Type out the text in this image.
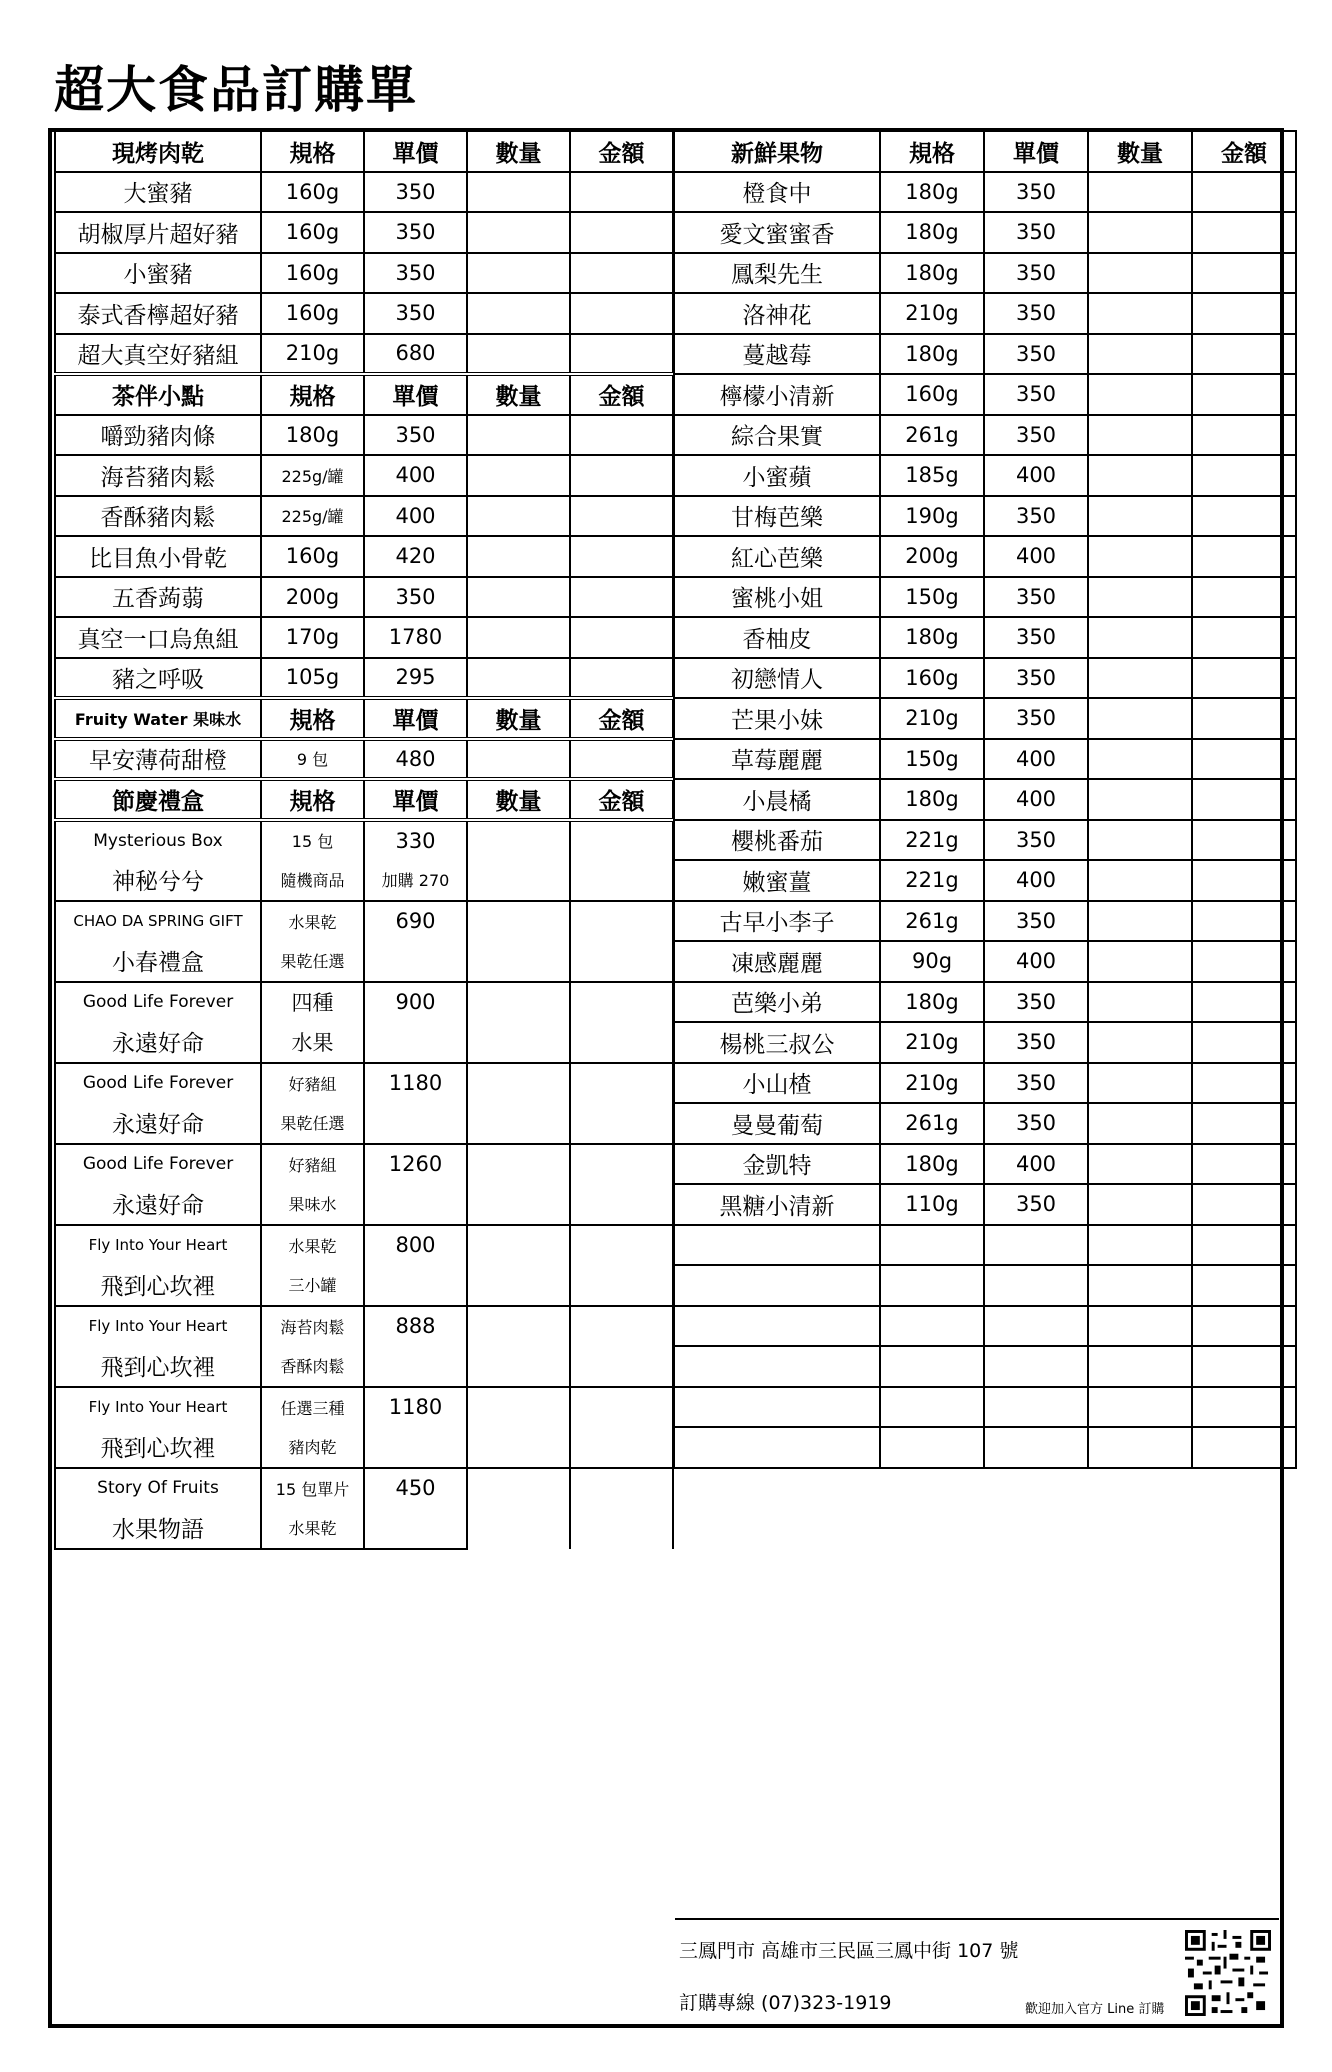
超大食品訂購單
現烤肉乾	規格	單價	數量	金額
大蜜豬	160g	350		
胡椒厚片超好豬	160g	350		
小蜜豬	160g	350		
泰式香檸超好豬	160g	350		
超大真空好豬組	210g	680		
茶伴小點	規格	單價	數量	金額
嚼勁豬肉條	180g	350		
海苔豬肉鬆	225g/罐	400		
香酥豬肉鬆	225g/罐	400		
比目魚小骨乾	160g	420		
五香蒟蒻	200g	350		
真空一口烏魚組	170g	1780		
豬之呼吸	105g	295		
Fruity Water 果味水	規格	單價	數量	金額
早安薄荷甜橙	9 包	480		
節慶禮盒	規格	單價	數量	金額
Mysterious Box	15 包	330		
神秘兮兮	隨機商品	加購 270		
CHAO DA SPRING GIFT	水果乾	690		
小春禮盒	果乾任選			
Good Life Forever	四種	900		
永遠好命	水果			
Good Life Forever	好豬組	1180		
永遠好命	果乾任選			
Good Life Forever	好豬組	1260		
永遠好命	果味水			
Fly Into Your Heart	水果乾	800		
飛到心坎裡	三小罐			
Fly Into Your Heart	海苔肉鬆	888		
飛到心坎裡	香酥肉鬆			
Fly Into Your Heart	任選三種	1180		
飛到心坎裡	豬肉乾			
Story Of Fruits	15 包單片	450		
水果物語	水果乾			
新鮮果物	規格	單價	數量	金額
橙食中	180g	350		
愛文蜜蜜香	180g	350		
鳳梨先生	180g	350		
洛神花	210g	350		
蔓越莓	180g	350		
檸檬小清新	160g	350		
綜合果實	261g	350		
小蜜蘋	185g	400		
甘梅芭樂	190g	350		
紅心芭樂	200g	400		
蜜桃小姐	150g	350		
香柚皮	180g	350		
初戀情人	160g	350		
芒果小妹	210g	350		
草莓麗麗	150g	400		
小晨橘	180g	400		
櫻桃番茄	221g	350		
嫩蜜薑	221g	400		
古早小李子	261g	350		
凍感麗麗	90g	400		
芭樂小弟	180g	350		
楊桃三叔公	210g	350		
小山楂	210g	350		
曼曼葡萄	261g	350		
金凱特	180g	400		
黑糖小清新	110g	350		

三鳳門市 高雄市三民區三鳳中街 107 號
訂購專線 (07)323-1919	歡迎加入官方 Line 訂購
